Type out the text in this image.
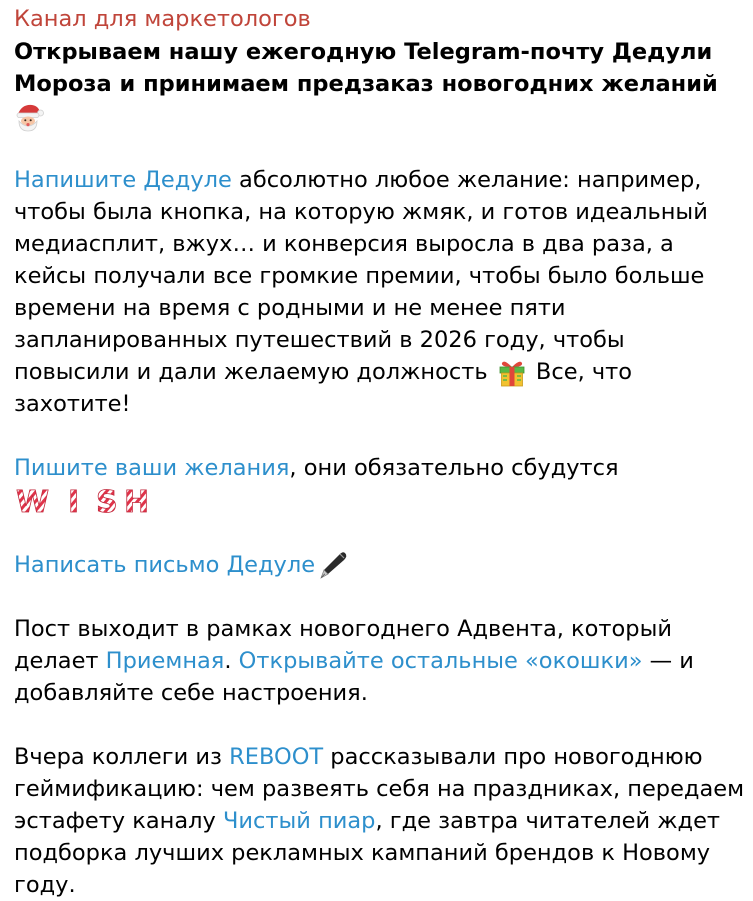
Канал для маркетологов
Открываем нашу ежегодную Telegram-почту Дедули Мороза и принимаем предзаказ новогодних желаний
Напишите Дедуле абсолютно любое желание: например, чтобы была кнопка, на которую жмяк, и готов идеальный медиасплит, вжух… и конверсия выросла в два раза, а кейсы получали все громкие премии, чтобы было больше времени на время с родными и не менее пяти запланированных путешествий в 2026 году, чтобы повысили и дали желаемую должность
Все, что захотите!
Пишите ваши желания, они обязательно сбудутся
W I S H
Написать письмо Дедуле
Пост выходит в рамках новогоднего Адвента, который делает Приемная. Открывайте остальные «окошки» — и добавляйте себе настроения.
Вчера коллеги из REBOOT рассказывали про новогоднюю геймификацию: чем развеять себя на праздниках, передаем эстафету каналу Чистый пиар, где завтра читателей ждет подборка лучших рекламных кампаний брендов к Новому году.
